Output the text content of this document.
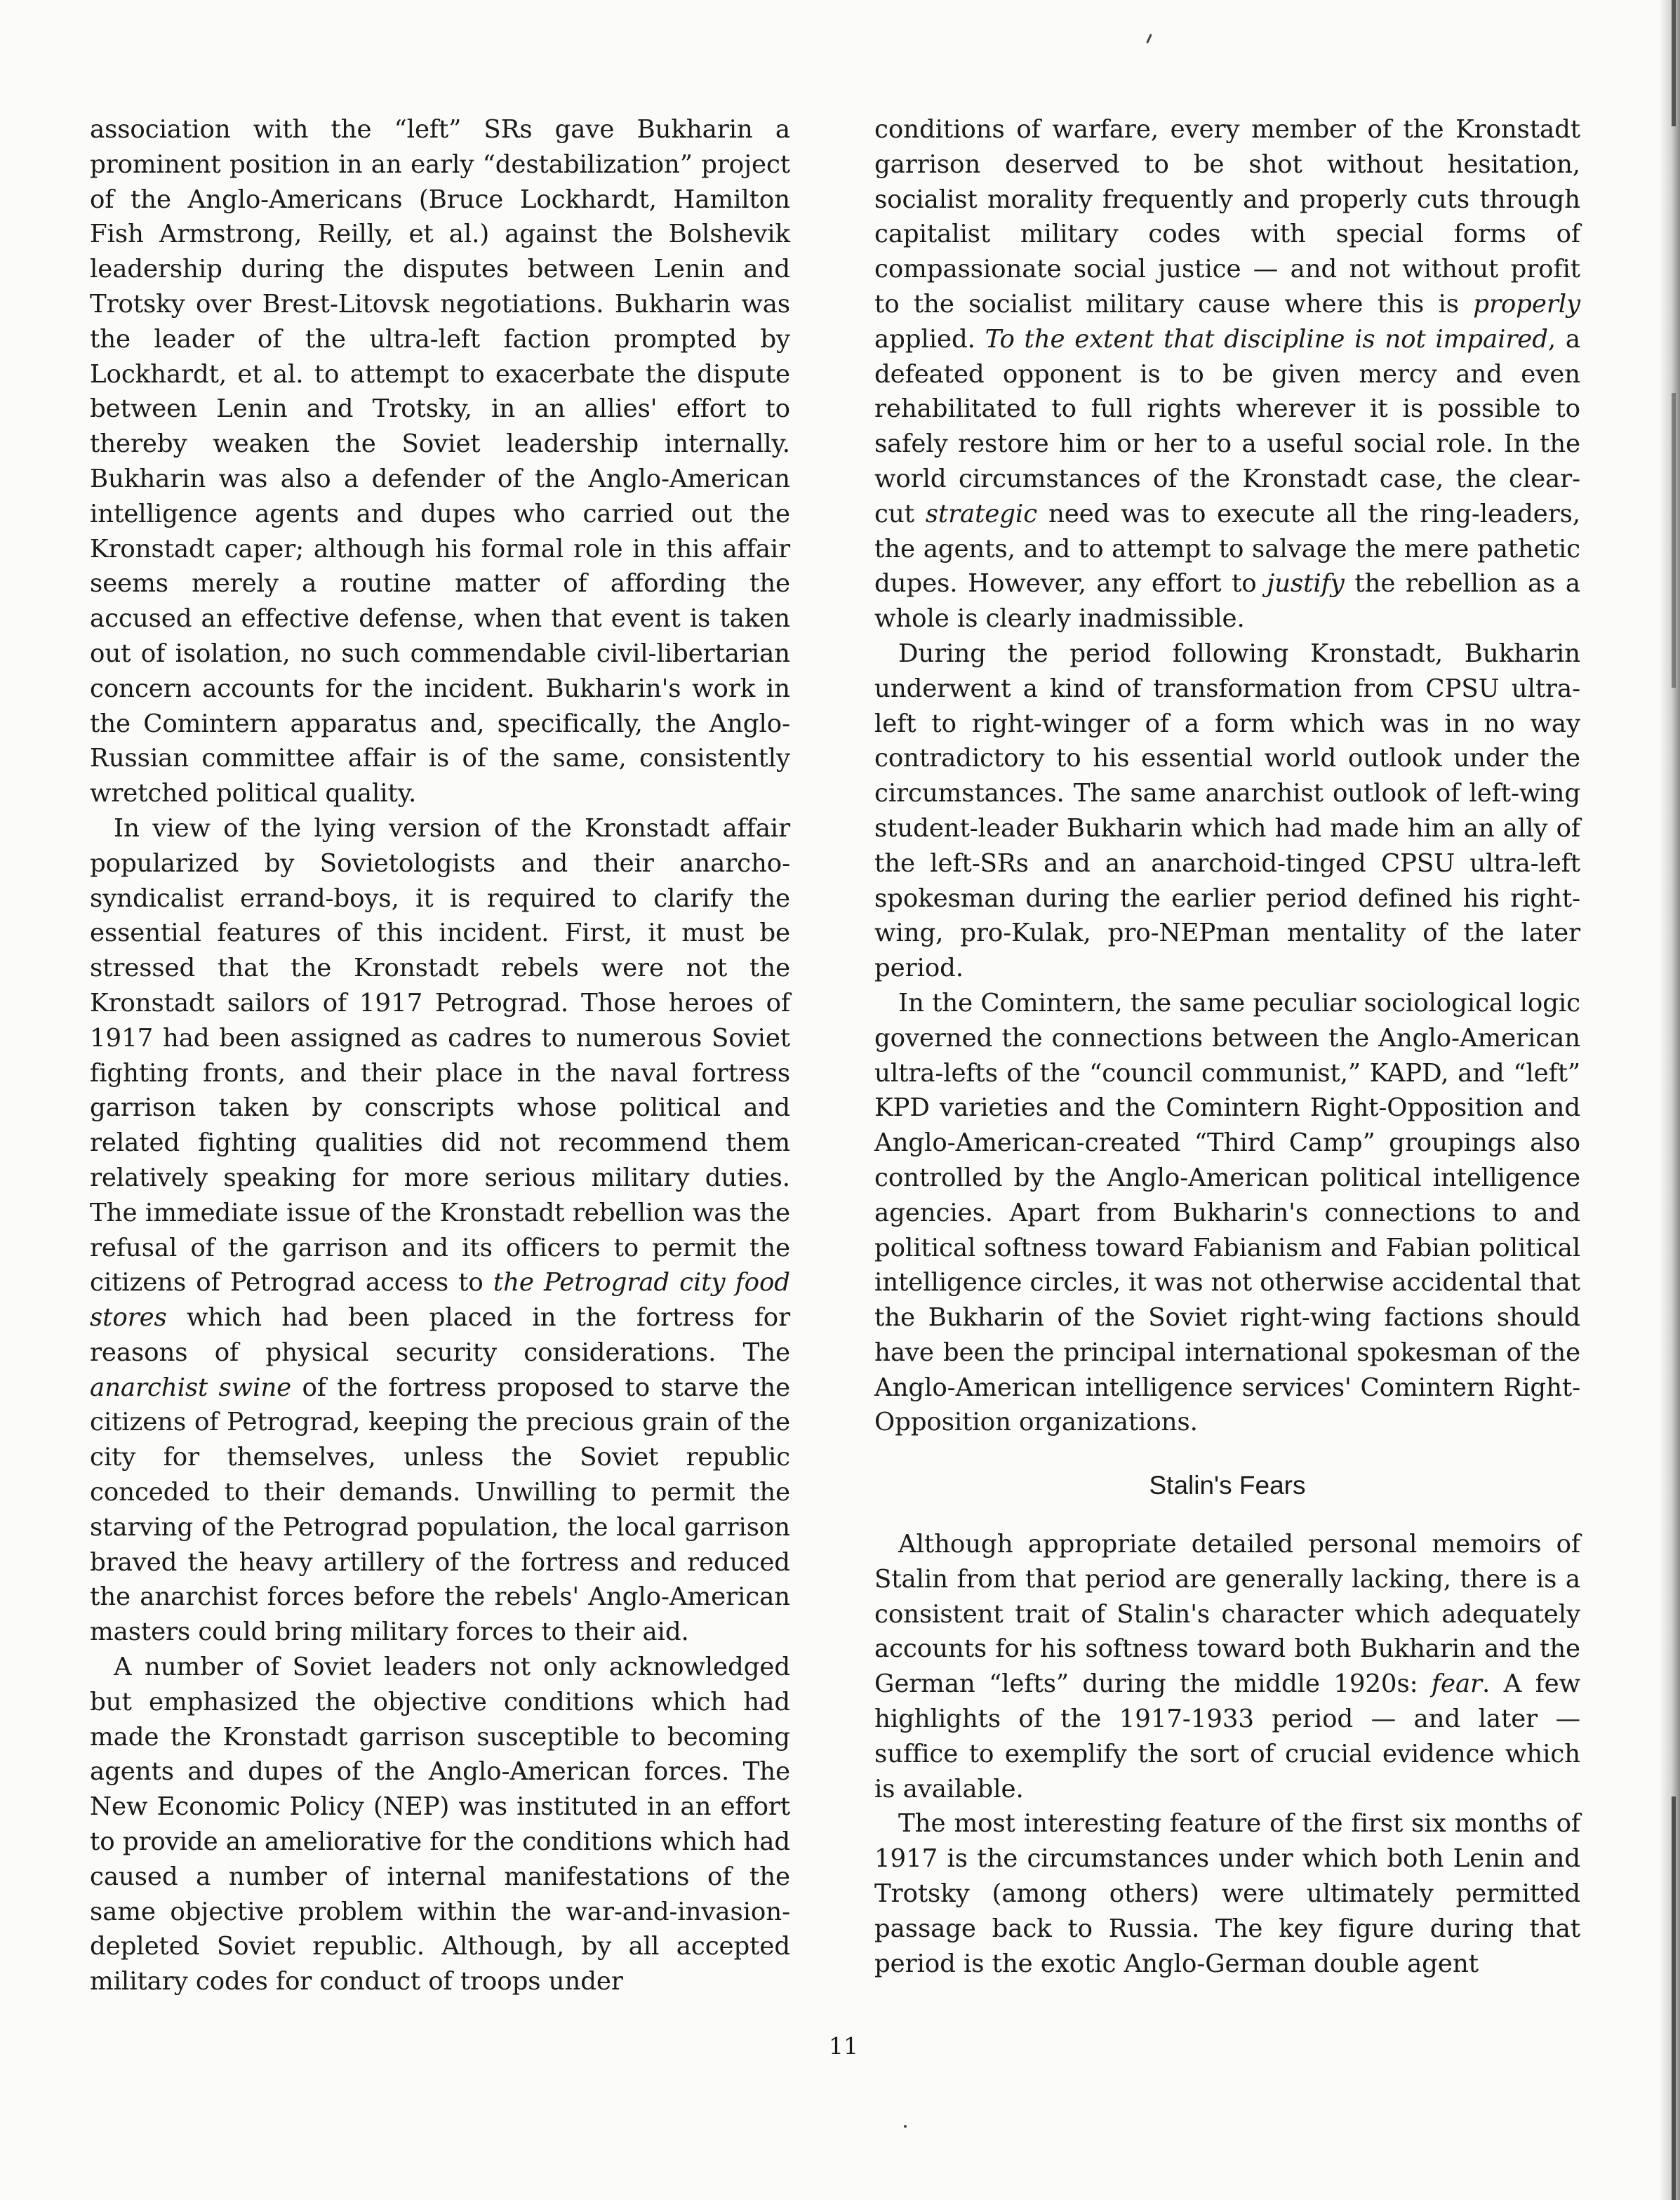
association with the “left” SRs gave Bukharin a prominent position in an early “destabilization” project of the Anglo-Americans (Bruce Lockhardt, Hamilton Fish Armstrong, Reilly, et al.) against the Bolshevik leadership during the disputes between Lenin and Trotsky over Brest-Litovsk negotiations. Bukharin was the leader of the ultra-left faction prompted by Lockhardt, et al. to attempt to exacerbate the dispute between Lenin and Trotsky, in an allies' effort to thereby weaken the Soviet leadership internally. Bukharin was also a defender of the Anglo-American intelligence agents and dupes who carried out the Kronstadt caper; although his formal role in this affair seems merely a routine matter of affording the accused an effective defense, when that event is taken out of isolation, no such commendable civil-libertarian concern accounts for the incident. Bukharin's work in the Comintern apparatus and, specifically, the Anglo-Russian committee affair is of the same, consistently wretched political quality.

In view of the lying version of the Kronstadt affair popularized by Sovietologists and their anarcho-syndicalist errand-boys, it is required to clarify the essential features of this incident. First, it must be stressed that the Kronstadt rebels were not the Kronstadt sailors of 1917 Petrograd. Those heroes of 1917 had been assigned as cadres to numerous Soviet fighting fronts, and their place in the naval fortress garrison taken by conscripts whose political and related fighting qualities did not recommend them relatively speaking for more serious military duties. The immediate issue of the Kronstadt rebellion was the refusal of the garrison and its officers to permit the citizens of Petrograd access to the Petrograd city food stores which had been placed in the fortress for reasons of physical security considerations. The anarchist swine of the fortress proposed to starve the citizens of Petrograd, keeping the precious grain of the city for themselves, unless the Soviet republic conceded to their demands. Unwilling to permit the starving of the Petrograd population, the local garrison braved the heavy artillery of the fortress and reduced the anarchist forces before the rebels' Anglo-American masters could bring military forces to their aid.

A number of Soviet leaders not only acknowledged but emphasized the objective conditions which had made the Kronstadt garrison susceptible to becoming agents and dupes of the Anglo-American forces. The New Economic Policy (NEP) was instituted in an effort to provide an ameliorative for the conditions which had caused a number of internal manifestations of the same objective problem within the war-and-invasion-depleted Soviet republic. Although, by all accepted military codes for conduct of troops under

conditions of warfare, every member of the Kronstadt garrison deserved to be shot without hesitation, socialist morality frequently and properly cuts through capitalist military codes with special forms of compassionate social justice — and not without profit to the socialist military cause where this is properly applied. To the extent that discipline is not impaired, a defeated opponent is to be given mercy and even rehabilitated to full rights wherever it is possible to safely restore him or her to a useful social role. In the world circumstances of the Kronstadt case, the clear-cut strategic need was to execute all the ring-leaders, the agents, and to attempt to salvage the mere pathetic dupes. However, any effort to justify the rebellion as a whole is clearly inadmissible.

During the period following Kronstadt, Bukharin underwent a kind of transformation from CPSU ultra-left to right-winger of a form which was in no way contradictory to his essential world outlook under the circumstances. The same anarchist outlook of left-wing student-leader Bukharin which had made him an ally of the left-SRs and an anarchoid-tinged CPSU ultra-left spokesman during the earlier period defined his right-wing, pro-Kulak, pro-NEPman mentality of the later period.

In the Comintern, the same peculiar sociological logic governed the connections between the Anglo-American ultra-lefts of the “council communist,” KAPD, and “left” KPD varieties and the Comintern Right-Opposition and Anglo-American-created “Third Camp” groupings also controlled by the Anglo-American political intelligence agencies. Apart from Bukharin's connections to and political softness toward Fabianism and Fabian political intelligence circles, it was not otherwise accidental that the Bukharin of the Soviet right-wing factions should have been the principal international spokesman of the Anglo-American intelligence services' Comintern Right-Opposition organizations.

Stalin's Fears

Although appropriate detailed personal memoirs of Stalin from that period are generally lacking, there is a consistent trait of Stalin's character which adequately accounts for his softness toward both Bukharin and the German “lefts” during the middle 1920s: fear. A few highlights of the 1917-1933 period — and later — suffice to exemplify the sort of crucial evidence which is available.

The most interesting feature of the first six months of 1917 is the circumstances under which both Lenin and Trotsky (among others) were ultimately permitted passage back to Russia. The key figure during that period is the exotic Anglo-German double agent

11
